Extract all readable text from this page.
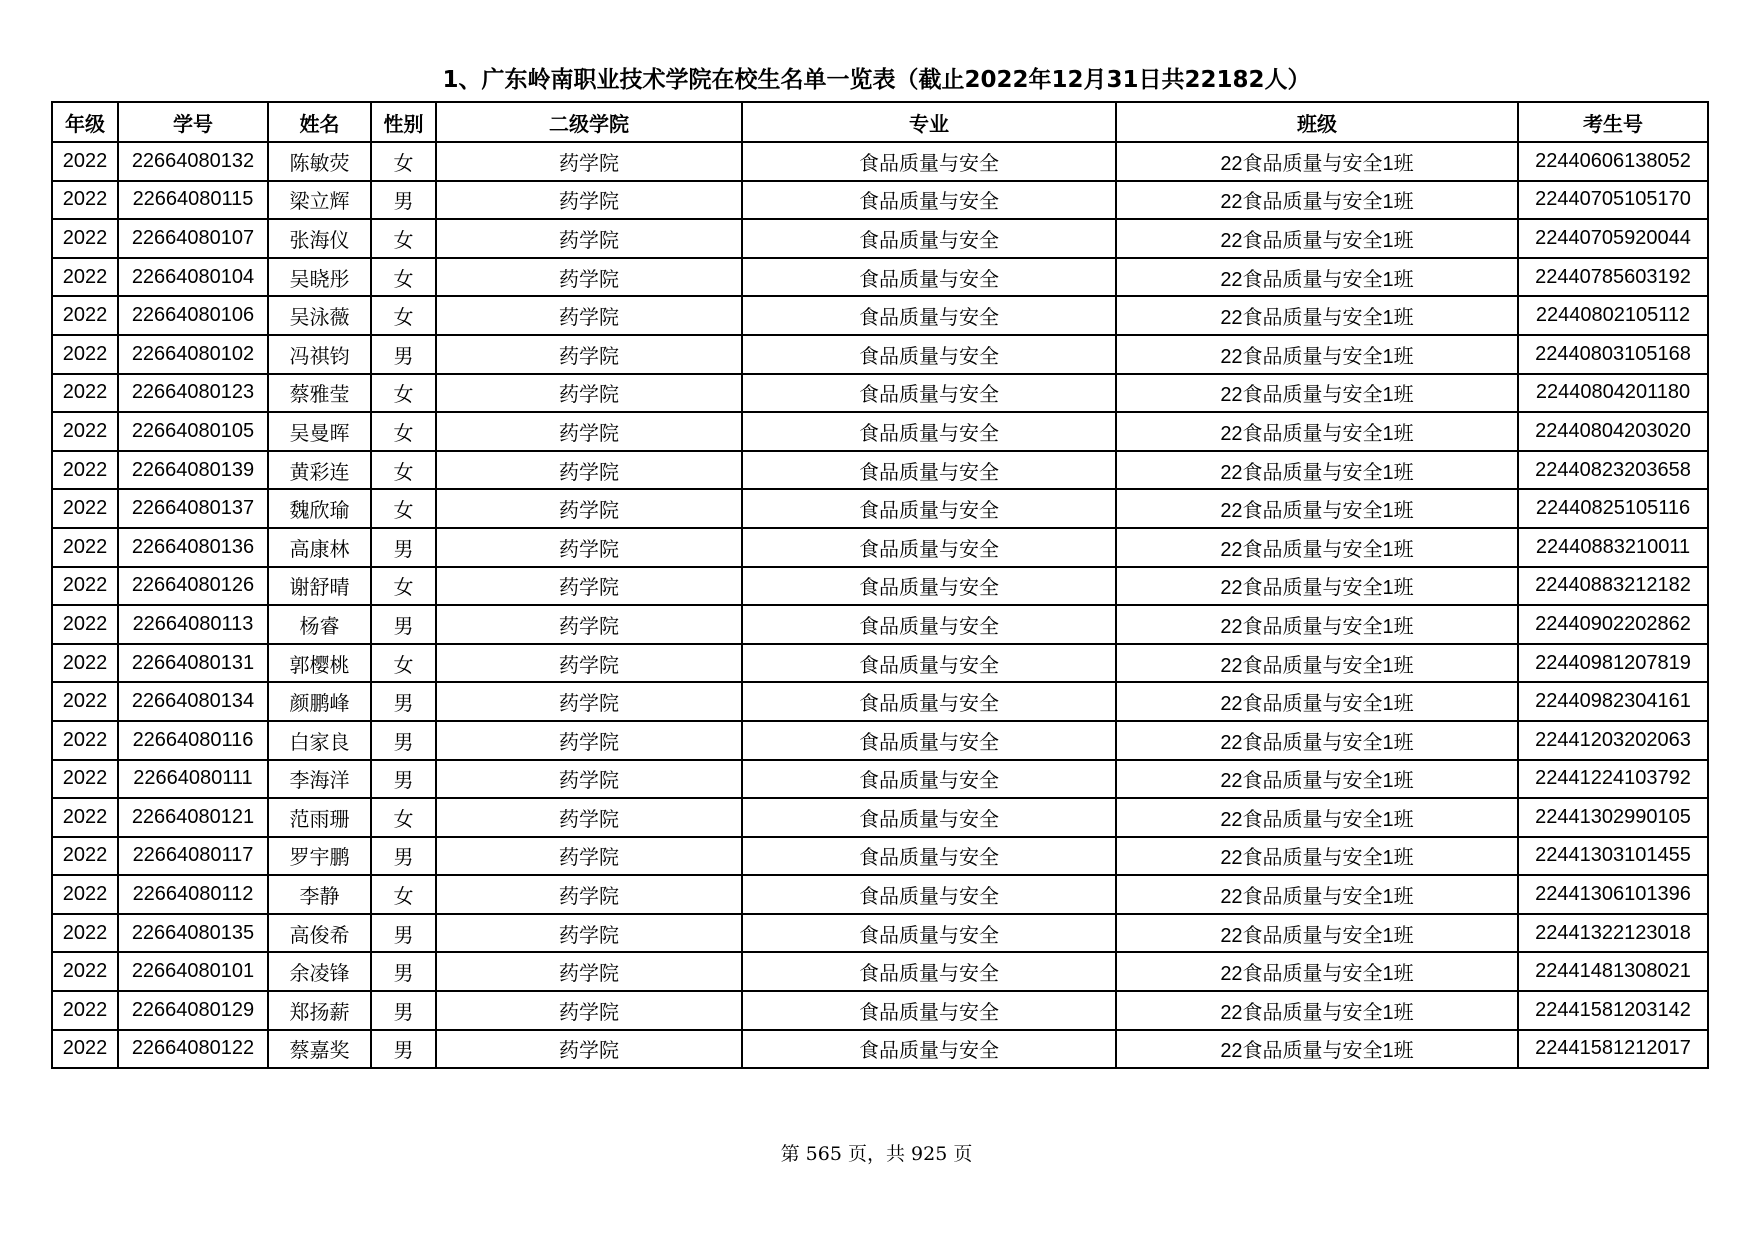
1、广东岭南职业技术学院在校生名单一览表（截止2022年12月31日共22182人）
年级	学号	姓名	性别	二级学院	专业	班级	考生号
2022	22664080132	陈敏荧	女	药学院	食品质量与安全	22食品质量与安全1班	22440606138052
2022	22664080115	梁立辉	男	药学院	食品质量与安全	22食品质量与安全1班	22440705105170
2022	22664080107	张海仪	女	药学院	食品质量与安全	22食品质量与安全1班	22440705920044
2022	22664080104	吴晓彤	女	药学院	食品质量与安全	22食品质量与安全1班	22440785603192
2022	22664080106	吴泳薇	女	药学院	食品质量与安全	22食品质量与安全1班	22440802105112
2022	22664080102	冯祺钧	男	药学院	食品质量与安全	22食品质量与安全1班	22440803105168
2022	22664080123	蔡雅莹	女	药学院	食品质量与安全	22食品质量与安全1班	22440804201180
2022	22664080105	吴曼晖	女	药学院	食品质量与安全	22食品质量与安全1班	22440804203020
2022	22664080139	黄彩连	女	药学院	食品质量与安全	22食品质量与安全1班	22440823203658
2022	22664080137	魏欣瑜	女	药学院	食品质量与安全	22食品质量与安全1班	22440825105116
2022	22664080136	高康林	男	药学院	食品质量与安全	22食品质量与安全1班	22440883210011
2022	22664080126	谢舒晴	女	药学院	食品质量与安全	22食品质量与安全1班	22440883212182
2022	22664080113	杨睿	男	药学院	食品质量与安全	22食品质量与安全1班	22440902202862
2022	22664080131	郭樱桃	女	药学院	食品质量与安全	22食品质量与安全1班	22440981207819
2022	22664080134	颜鹏峰	男	药学院	食品质量与安全	22食品质量与安全1班	22440982304161
2022	22664080116	白家良	男	药学院	食品质量与安全	22食品质量与安全1班	22441203202063
2022	22664080111	李海洋	男	药学院	食品质量与安全	22食品质量与安全1班	22441224103792
2022	22664080121	范雨珊	女	药学院	食品质量与安全	22食品质量与安全1班	22441302990105
2022	22664080117	罗宇鹏	男	药学院	食品质量与安全	22食品质量与安全1班	22441303101455
2022	22664080112	李静	女	药学院	食品质量与安全	22食品质量与安全1班	22441306101396
2022	22664080135	高俊希	男	药学院	食品质量与安全	22食品质量与安全1班	22441322123018
2022	22664080101	余凌锋	男	药学院	食品质量与安全	22食品质量与安全1班	22441481308021
2022	22664080129	郑扬薪	男	药学院	食品质量与安全	22食品质量与安全1班	22441581203142
2022	22664080122	蔡嘉奖	男	药学院	食品质量与安全	22食品质量与安全1班	22441581212017
第 565 页，共 925 页
